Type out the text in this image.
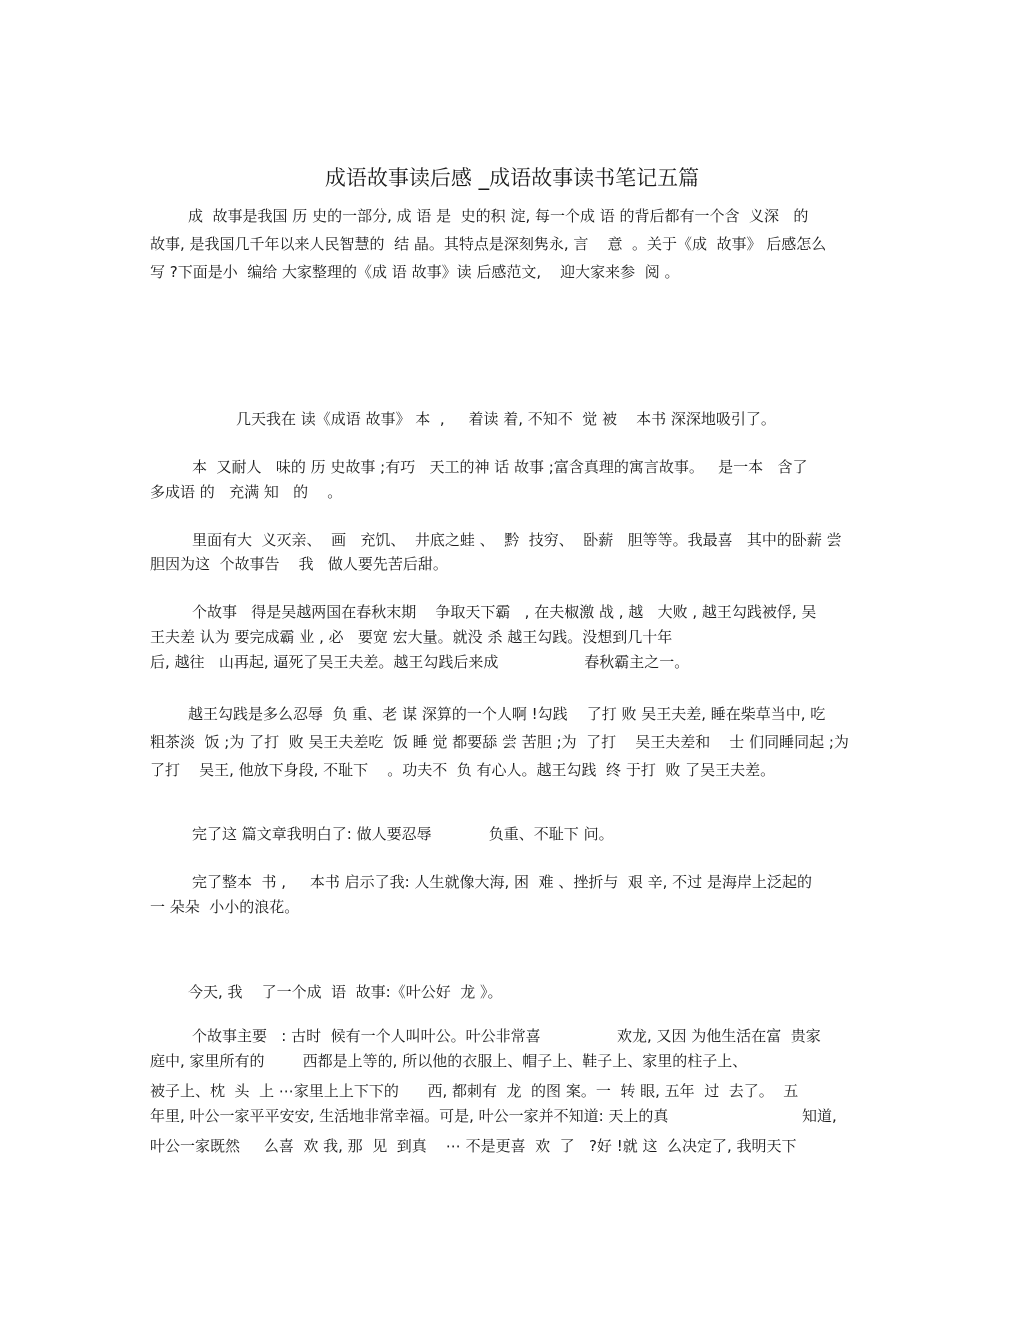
成语故事读后感 _成语故事读书笔记五篇
成  故事是我国 历 史的一部分, 成 语 是  史的积 淀, 每一个成 语 的背后都有一个含  义深   的
故事, 是我国几千年以来人民智慧的  结 晶。其特点是深刻隽永, 言    意  。关于《成  故事》 后感怎么
写 ?下面是小  编给 大家整理的《成 语 故事》读 后感范文,    迎大家来参  阅 。
几天我在 读《成语 故事》 本  ,     着读 着, 不知不  觉 被    本书 深深地吸引了。
本  又耐人   味的 历 史故事 ;有巧   天工的神 话 故事 ;富含真理的寓言故事。   是一本   含了
多成语 的   充满 知   的    。
里面有大  义灭亲、  画   充饥、  井底之蛙 、  黔  技穷、  卧薪   胆等等。我最喜   其中的卧薪 尝
胆因为这  个故事告    我   做人要先苦后甜。
个故事   得是吴越两国在春秋末期    争取天下霸   , 在夫椒激 战 , 越   大败 , 越王勾践被俘, 吴
王夫差 认为 要完成霸 业 , 必   要宽 宏大量。就没 杀 越王勾践。没想到几十年
后, 越往   山再起, 逼死了吴王夫差。越王勾践后来成                  春秋霸主之一。
越王勾践是多么忍辱  负 重、老 谋 深算的一个人啊 !勾践    了打 败 吴王夫差, 睡在柴草当中, 吃
粗茶淡  饭 ;为 了打  败 吴王夫差吃  饭 睡 觉 都要舔 尝 苦胆 ;为  了打    吴王夫差和    士 们同睡同起 ;为
了打    吴王, 他放下身段, 不耻下    。功夫不  负 有心人。越王勾践  终 于打  败 了吴王夫差。
完了这 篇文章我明白了: 做人要忍辱            负重、不耻下 问。
完了整本  书 ,     本书 启示了我: 人生就像大海, 困  难 、挫折与  艰 辛, 不过 是海岸上泛起的
一 朵朵  小小的浪花。
今天, 我    了一个成  语  故事:《叶公好  龙 》。
个故事主要   : 古时  候有一个人叫叶公。叶公非常喜                欢龙, 又因 为他生活在富  贵家
庭中, 家里所有的        西都是上等的, 所以他的衣服上、帽子上、鞋子上、家里的柱子上、
被子上、枕  头  上 ⋯家里上上下下的      西, 都刺有  龙  的图 案。一  转 眼, 五年  过  去了。  五
年里, 叶公一家平平安安, 生活地非常幸福。可是, 叶公一家并不知道: 天上的真                            知道,
叶公一家既然     么喜  欢 我, 那  见  到真    ⋯ 不是更喜  欢  了   ?好 !就 这  么决定了, 我明天下
